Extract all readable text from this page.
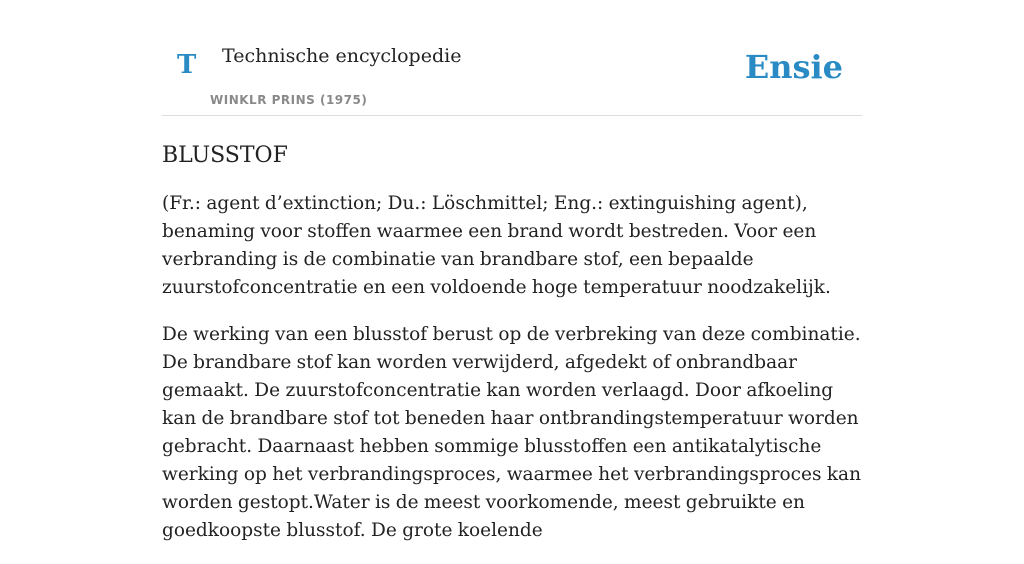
T Technische encyclopedie
WINKLR PRINS (1975)
Ensie
BLUSSTOF

(Fr.: agent d’extinction; Du.: Löschmittel; Eng.: extinguishing agent), benaming voor stoffen waarmee een brand wordt bestreden. Voor een verbranding is de combinatie van brandbare stof, een bepaalde zuurstofconcentratie en een voldoende hoge temperatuur noodzakelijk.

De werking van een blusstof berust op de verbreking van deze combinatie. De brandbare stof kan worden verwijderd, afgedekt of onbrandbaar gemaakt. De zuurstofconcentratie kan worden verlaagd. Door afkoeling kan de brandbare stof tot beneden haar ontbrandingstemperatuur worden gebracht. Daarnaast hebben sommige blusstoffen een antikatalytische werking op het verbrandingsproces, waarmee het verbrandingsproces kan worden gestopt.Water is de meest voorkomende, meest gebruikte en goedkoopste blusstof. De grote koelende
